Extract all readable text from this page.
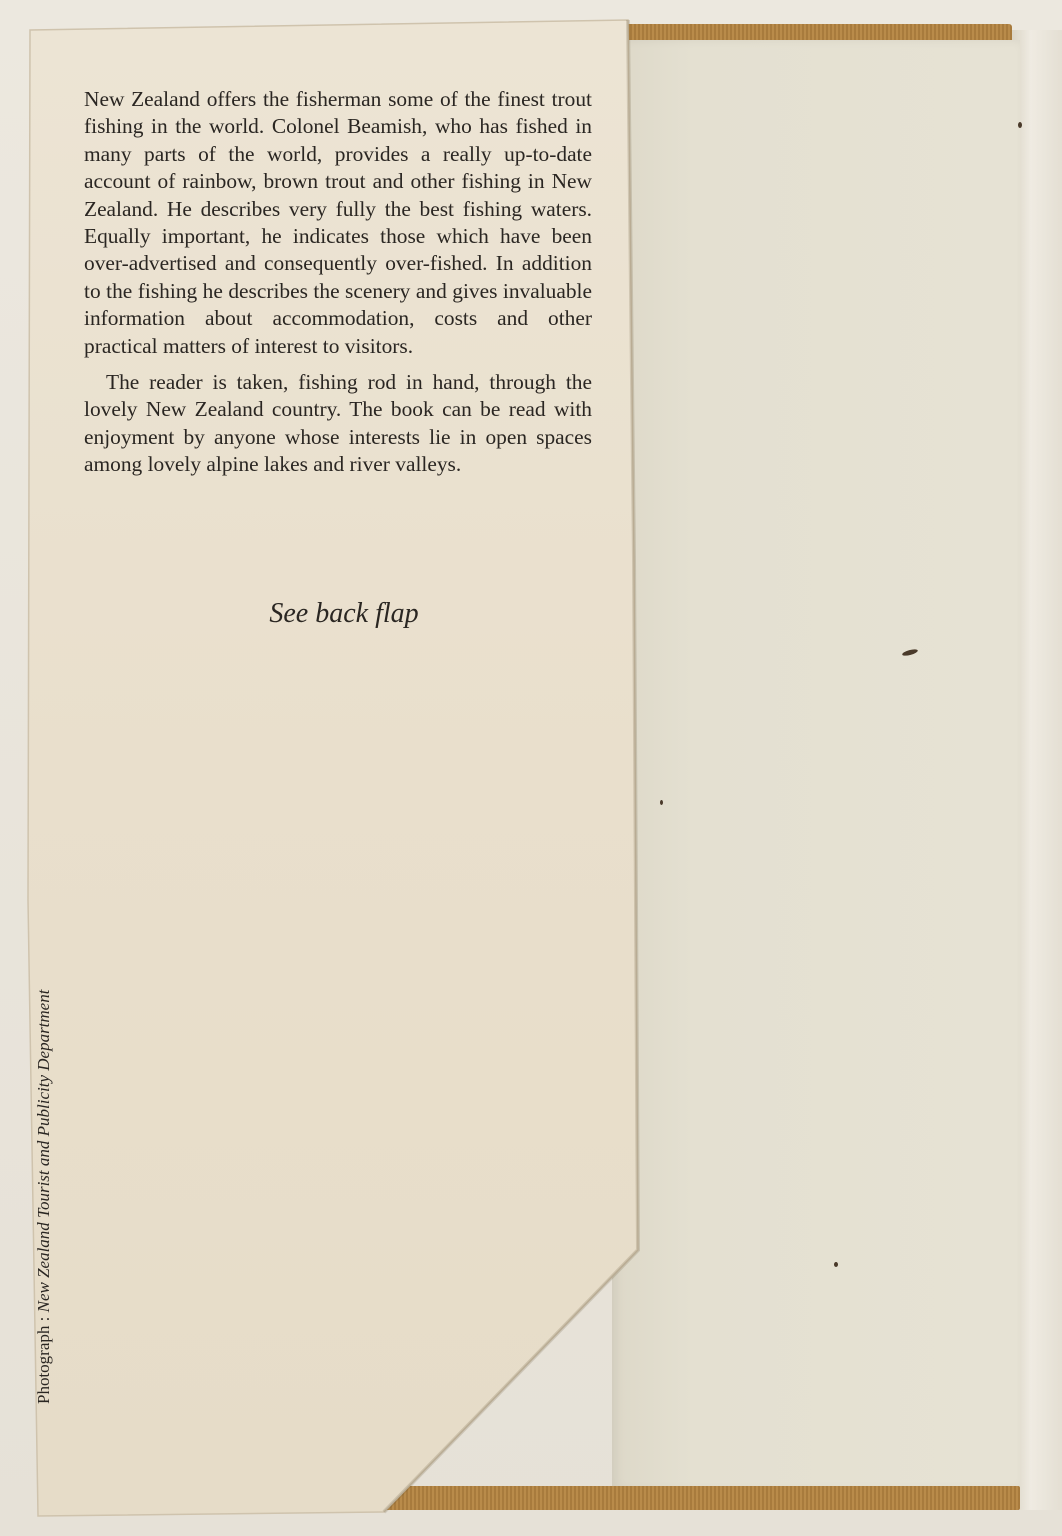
New Zealand offers the fisherman some of the finest trout fishing in the world. Colonel Beamish, who has fished in many parts of the world, provides a really up-to-date account of rainbow, brown trout and other fishing in New Zealand. He describes very fully the best fishing waters. Equally important, he indicates those which have been over-advertised and consequently over-fished. In addition to the fishing he describes the scenery and gives invaluable information about accommodation, costs and other practical matters of interest to visitors.

The reader is taken, fishing rod in hand, through the lovely New Zealand country. The book can be read with enjoyment by anyone whose interests lie in open spaces among lovely alpine lakes and river valleys.

See back flap
Photograph : New Zealand Tourist and Publicity Department
